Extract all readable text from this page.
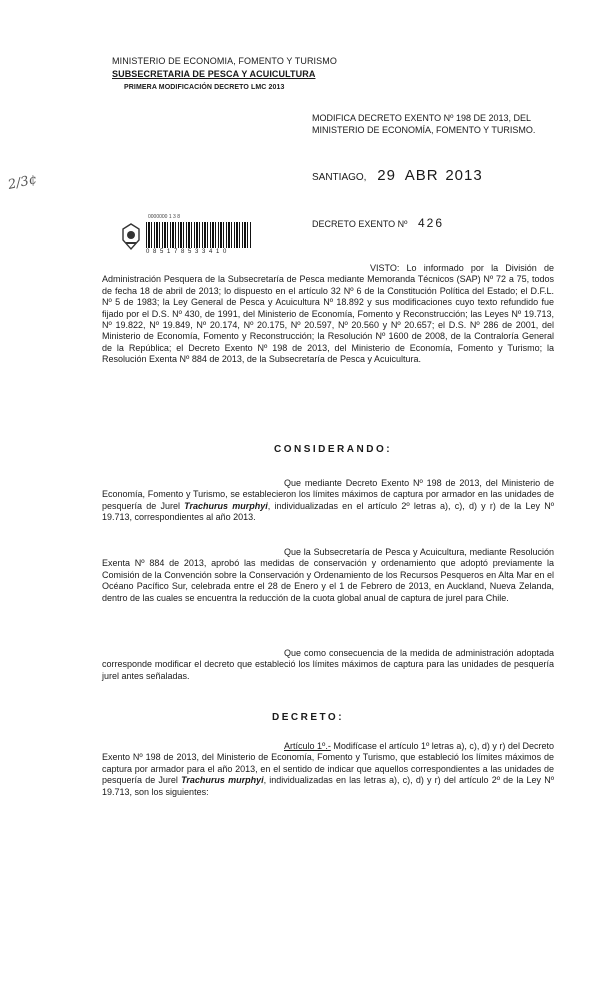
MINISTERIO DE ECONOMIA, FOMENTO Y TURISMO
SUBSECRETARIA DE PESCA Y ACUICULTURA
PRIMERA MODIFICACIÓN DECRETO LMC 2013
MODIFICA DECRETO EXENTO Nº 198 DE 2013, DEL
MINISTERIO DE ECONOMÍA, FOMENTO Y TURISMO.
2∕3¢	SANTIAGO, 29 ABR 2013
0000000 1 3 8
0 8 5 1 7 8 5 3 3 4 1 0
DECRETO EXENTO Nº 426

VISTO: Lo informado por la División de Administración Pesquera de la Subsecretaría de Pesca mediante Memoranda Técnicos (SAP) Nº 72 a 75, todos de fecha 18 de abril de 2013; lo dispuesto en el artículo 32 Nº 6 de la Constitución Política del Estado; el D.F.L. Nº 5 de 1983; la Ley General de Pesca y Acuicultura Nº 18.892 y sus modificaciones cuyo texto refundido fue fijado por el D.S. Nº 430, de 1991, del Ministerio de Economía, Fomento y Reconstrucción; las Leyes Nº 19.713, Nº 19.822, Nº 19.849, Nº 20.174, Nº 20.175, Nº 20.597, Nº 20.560 y Nº 20.657; el D.S. Nº 286 de 2001, del Ministerio de Economía, Fomento y Reconstrucción; la Resolución Nº 1600 de 2008, de la Contraloría General de la República; el Decreto Exento Nº 198 de 2013, del Ministerio de Economía, Fomento y Turismo; la Resolución Exenta Nº 884 de 2013, de la Subsecretaría de Pesca y Acuicultura.

CONSIDERANDO:

Que mediante Decreto Exento Nº 198 de 2013, del Ministerio de Economía, Fomento y Turismo, se establecieron los límites máximos de captura por armador en las unidades de pesquería de Jurel Trachurus murphyi, individualizadas en el artículo 2º letras a), c), d) y r) de la Ley Nº 19.713, correspondientes al año 2013.

Que la Subsecretaría de Pesca y Acuicultura, mediante Resolución Exenta Nº 884 de 2013, aprobó las medidas de conservación y ordenamiento que adoptó previamente la Comisión de la Convención sobre la Conservación y Ordenamiento de los Recursos Pesqueros en Alta Mar en el Océano Pacífico Sur, celebrada entre el 28 de Enero y el 1 de Febrero de 2013, en Auckland, Nueva Zelanda, dentro de las cuales se encuentra la reducción de la cuota global anual de captura de jurel para Chile.

Que como consecuencia de la medida de administración adoptada corresponde modificar el decreto que estableció los límites máximos de captura para las unidades de pesquería jurel antes señaladas.

DECRETO:

Artículo 1º.- Modifícase el artículo 1º letras a), c), d) y r) del Decreto Exento Nº 198 de 2013, del Ministerio de Economía, Fomento y Turismo, que estableció los límites máximos de captura por armador para el año 2013, en el sentido de indicar que aquellos correspondientes a las unidades de pesquería de Jurel Trachurus murphyi, individualizadas en las letras a), c), d) y r) del artículo 2º de la Ley Nº 19.713, son los siguientes:
